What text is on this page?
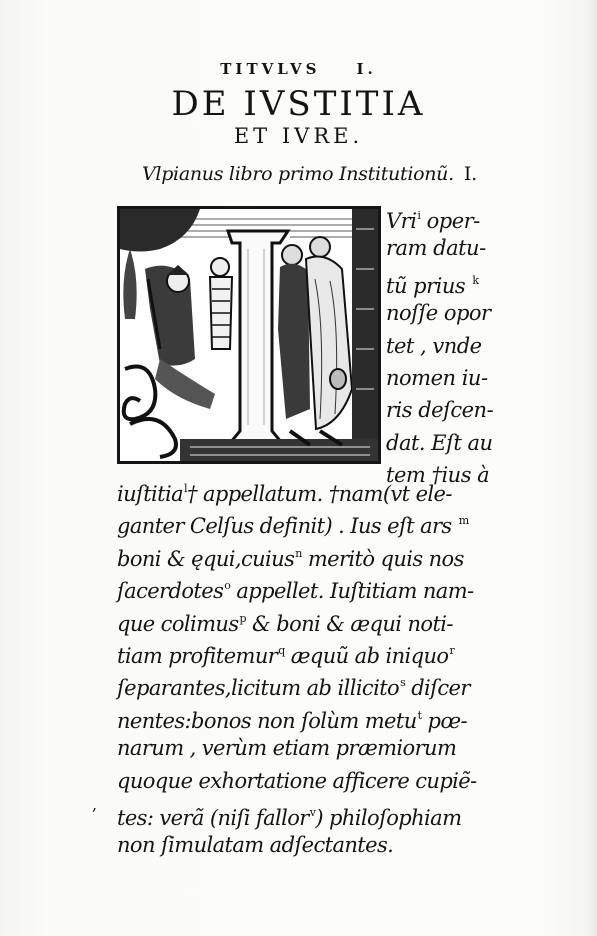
TITVLVS I.
DE IVSTITIA
ET IVRE.
Vlpianus libro primo Institutionũ. I.
Vri$^i$ oper-
ram datu-
tũ prius $^k$
noſſe opor
tet , vnde
nomen iu-
ris deſcen-
dat. Eſt au
tem †ius à
iuſtitia$^l$† appellatum. †nam(vt ele-
ganter Celſus definit) . Ius eſt ars $^m$
boni & ęqui,cuius$^n$ meritò quis nos
ſacerdotes$^o$ appellet. Iuſtitiam nam-
que colimus$^p$ & boni & æqui noti-
tiam profitemur$^q$ æquũ ab iniquo$^r$
ſeparantes,licitum ab illicito$^s$ diſcer
nentes:bonos non ſolùm metu$^t$ pœ-
narum , verùm etiam præmiorum
quoque exhortatione afficere cupiẽ-
tes: verã (niſi fallor$^v$) philoſophiam
non ſimulatam adſectantes.
,
